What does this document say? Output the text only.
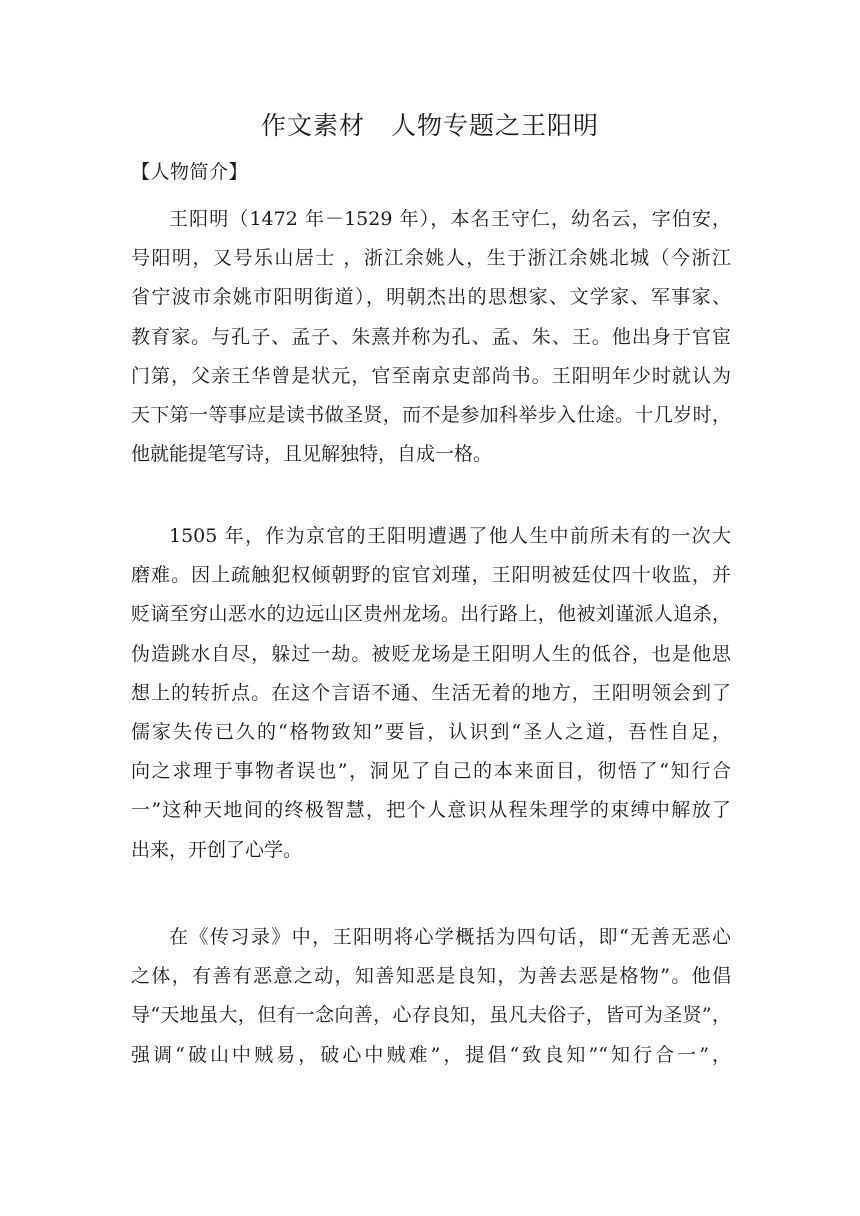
作文素材　人物专题之王阳明
【人物简介】
王阳明（1472 年－1529 年），本名王守仁，幼名云，字伯安，
号阳明，又号乐山居士 ，浙江余姚人，生于浙江余姚北城（今浙江
省宁波市余姚市阳明街道），明朝杰出的思想家、文学家、军事家、
教育家。与孔子、孟子、朱熹并称为孔、孟、朱、王。他出身于官宦
门第，父亲王华曾是状元，官至南京吏部尚书。王阳明年少时就认为
天下第一等事应是读书做圣贤，而不是参加科举步入仕途。十几岁时，
他就能提笔写诗，且见解独特，自成一格。
1505 年，作为京官的王阳明遭遇了他人生中前所未有的一次大
磨难。因上疏触犯权倾朝野的宦官刘瑾，王阳明被廷仗四十收监，并
贬谪至穷山恶水的边远山区贵州龙场。出行路上，他被刘谨派人追杀，
伪造跳水自尽，躲过一劫。被贬龙场是王阳明人生的低谷，也是他思
想上的转折点。在这个言语不通、生活无着的地方，王阳明领会到了
儒家失传已久的“格物致知”要旨，认识到“圣人之道，吾性自足，
向之求理于事物者误也”，洞见了自己的本来面目，彻悟了“知行合
一”这种天地间的终极智慧，把个人意识从程朱理学的束缚中解放了
出来，开创了心学。
在《传习录》中，王阳明将心学概括为四句话，即“无善无恶心
之体，有善有恶意之动，知善知恶是良知，为善去恶是格物”。他倡
导“天地虽大，但有一念向善，心存良知，虽凡夫俗子，皆可为圣贤”，
强调“破山中贼易，破心中贼难”，提倡“致良知”“知行合一”，
